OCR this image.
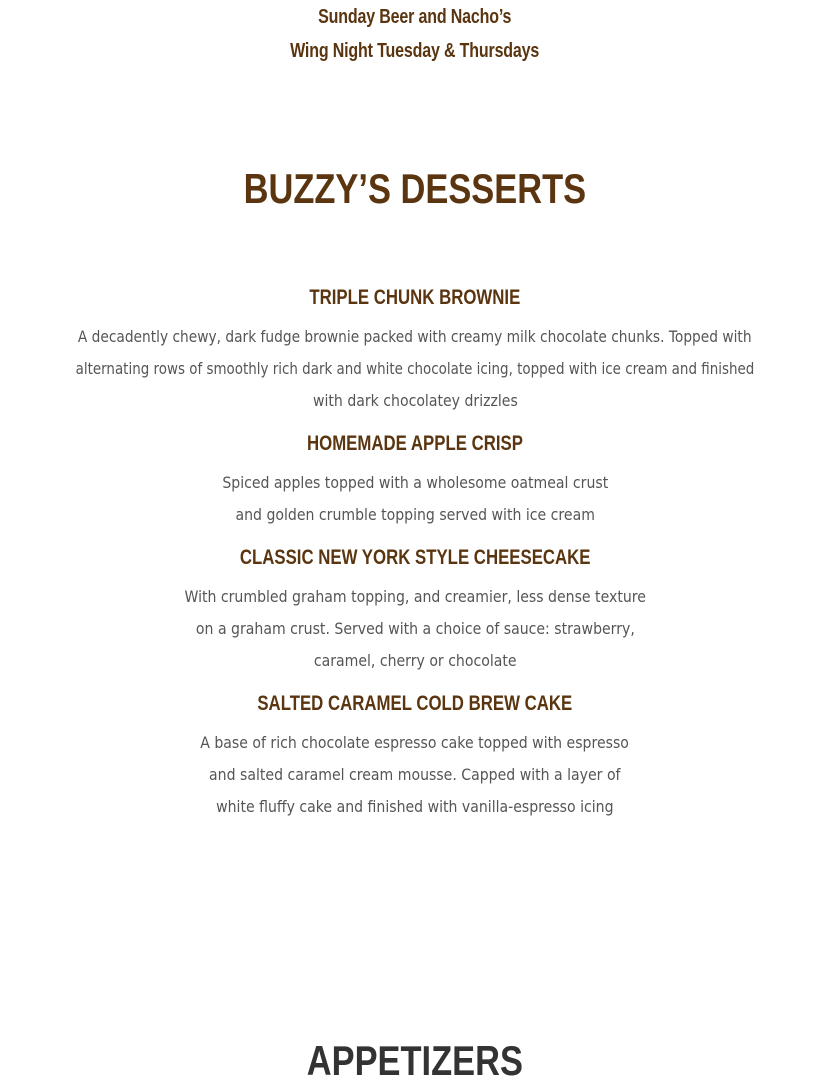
Sunday Beer and Nacho’s
Wing Night Tuesday & Thursdays
BUZZY’S DESSERTS
TRIPLE CHUNK BROWNIE
A decadently chewy, dark fudge brownie packed with creamy milk chocolate chunks. Topped with
alternating rows of smoothly rich dark and white chocolate icing, topped with ice cream and finished
with dark chocolatey drizzles
HOMEMADE APPLE CRISP
Spiced apples topped with a wholesome oatmeal crust
and golden crumble topping served with ice cream
CLASSIC NEW YORK STYLE CHEESECAKE
With crumbled graham topping, and creamier, less dense texture
on a graham crust. Served with a choice of sauce: strawberry,
caramel, cherry or chocolate
SALTED CARAMEL COLD BREW CAKE
A base of rich chocolate espresso cake topped with espresso
and salted caramel cream mousse. Capped with a layer of
white fluffy cake and finished with vanilla-espresso icing
APPETIZERS
